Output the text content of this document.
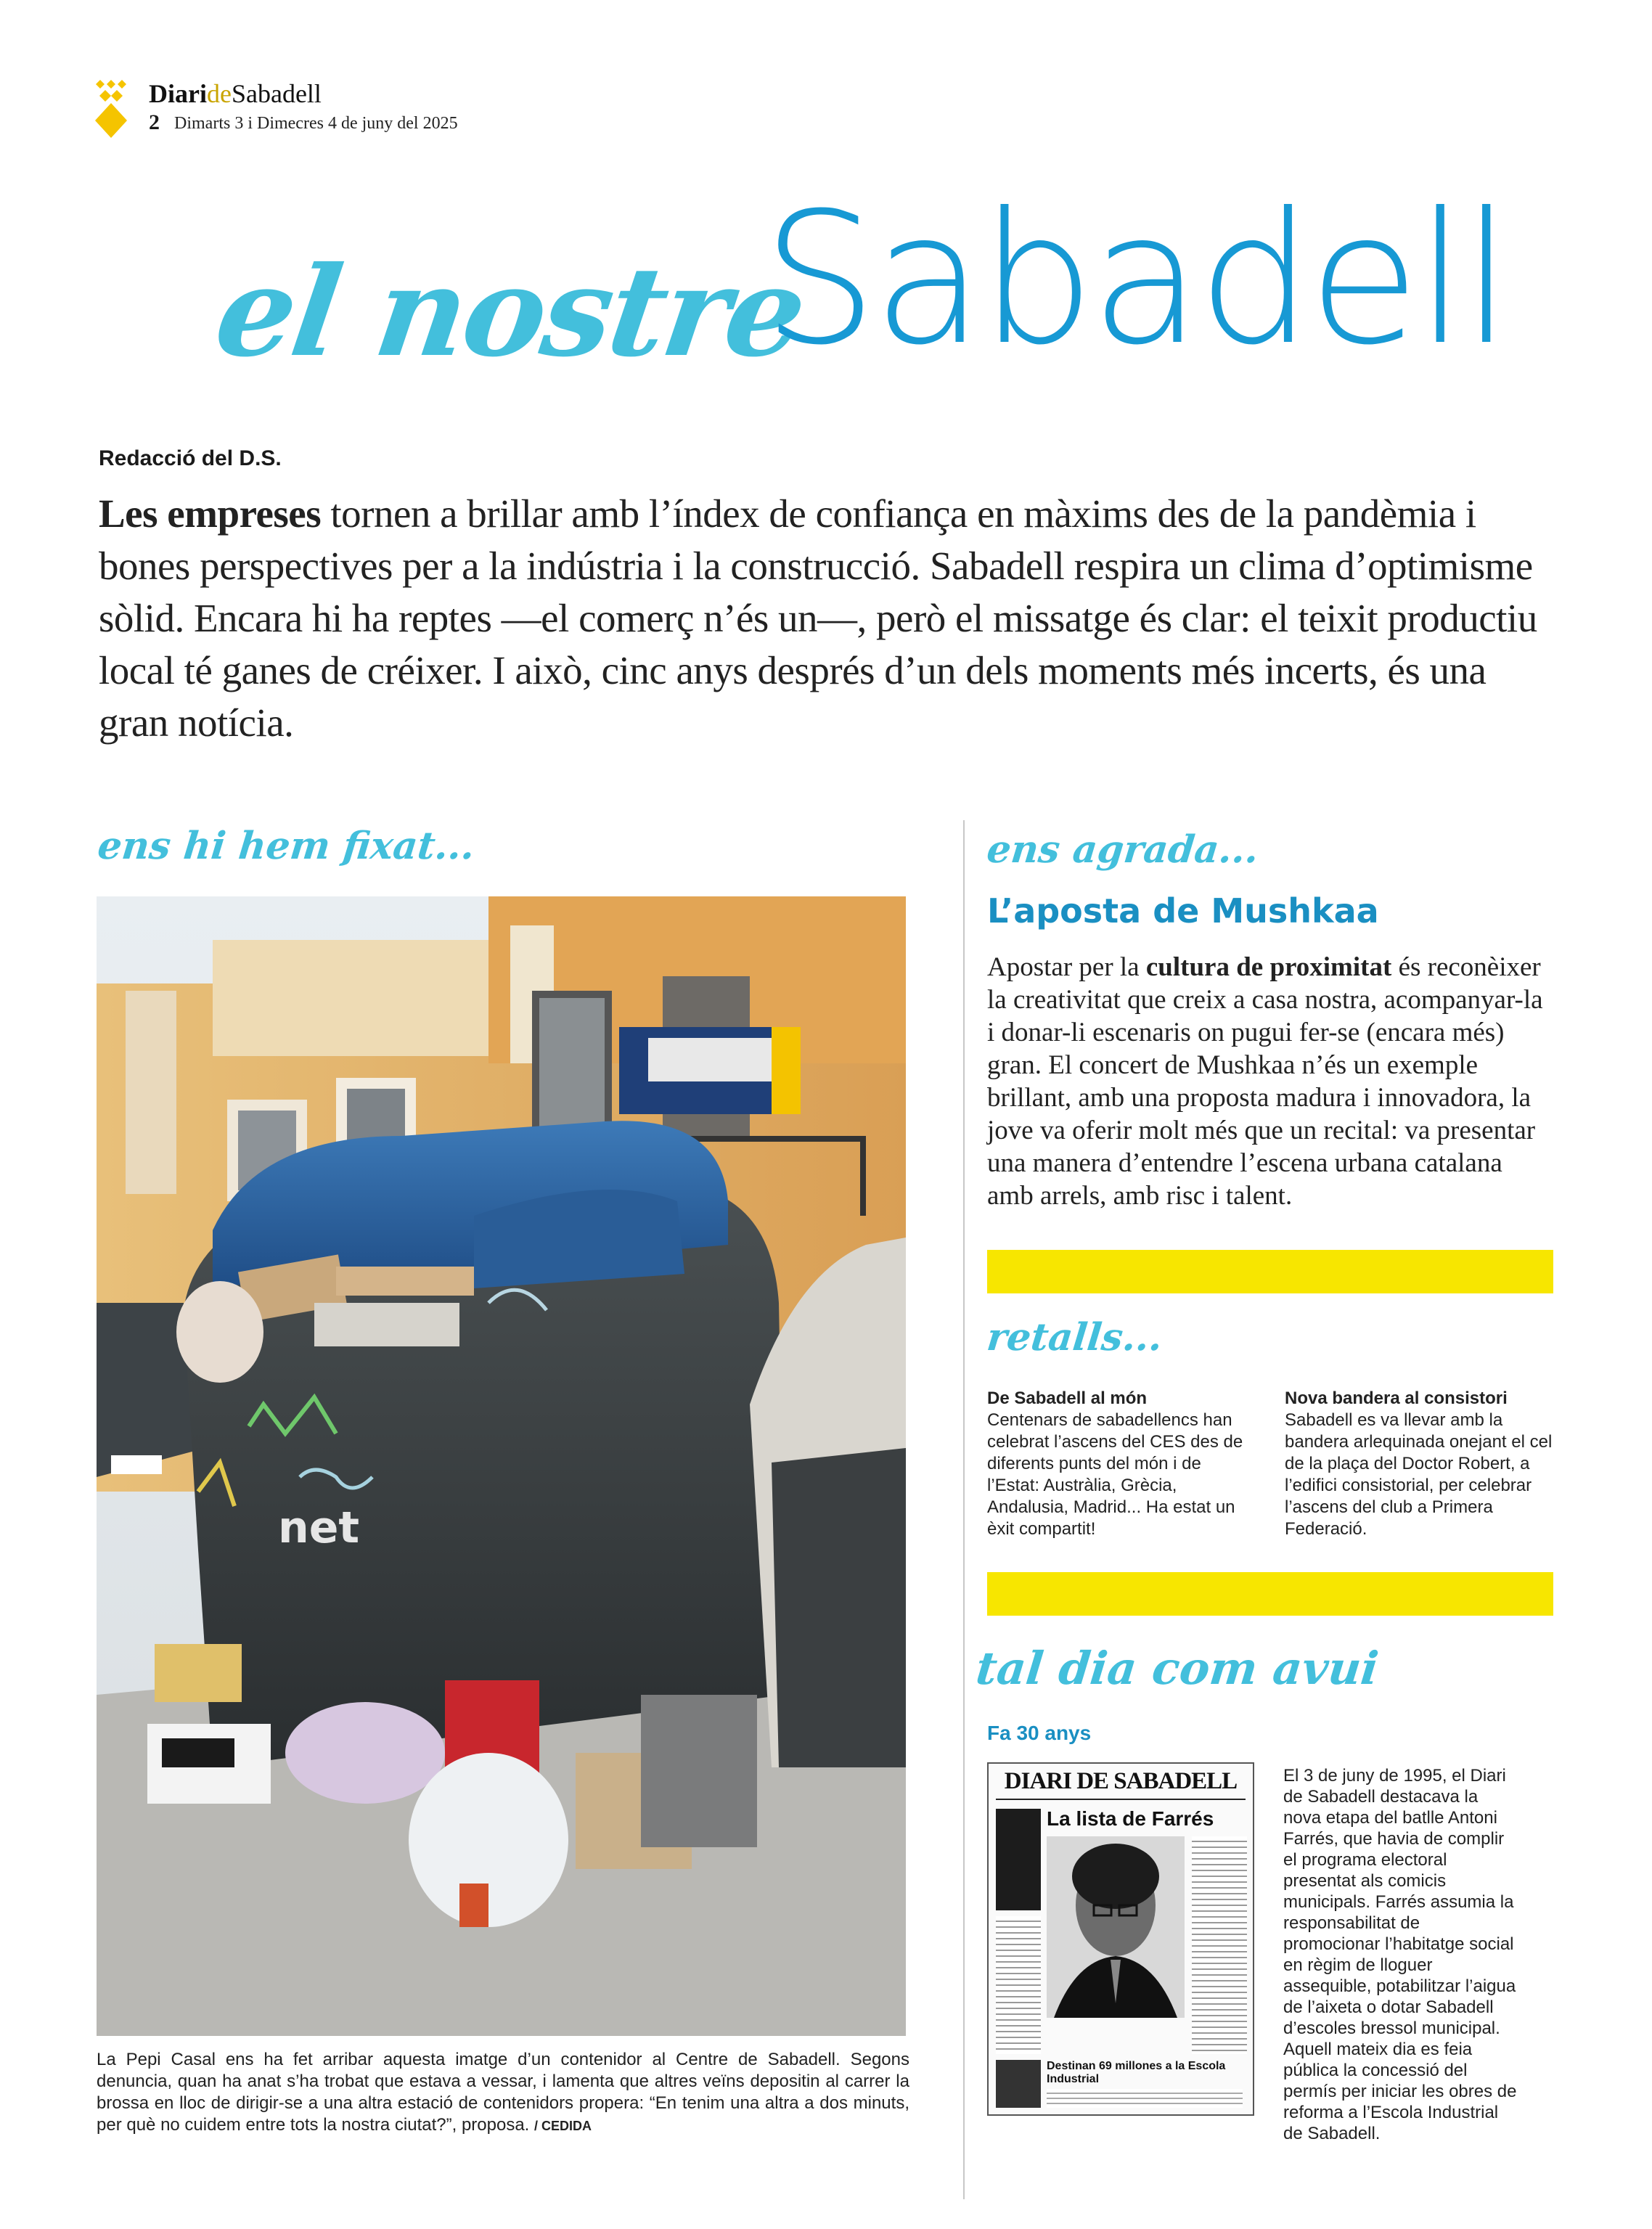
DiarideSabadell
2 Dimarts 3 i Dimecres 4 de juny del 2025
el nostre
Sabadell
Redacció del D.S.
Les empreses tornen a brillar amb l’índex de confiança en màxims des de la pandèmia i bones perspectives per a la indústria i la construcció. Sabadell respira un clima d’optimisme sòlid. Encara hi ha reptes —el comerç n’és un—, però el missatge és clar: el teixit productiu local té ganes de créixer. I això, cinc anys després d’un dels moments més incerts, és una gran notícia.
ens hi hem fixat...
net
La Pepi Casal ens ha fet arribar aquesta imatge d’un contenidor al Centre de Sabadell. Segons denuncia, quan ha anat s’ha trobat que estava a vessar, i lamenta que altres veïns depositin al carrer la brossa en lloc de dirigir-se a una altra estació de contenidors propera: “En tenim una altra a dos minuts, per què no cuidem entre tots la nostra ciutat?”, proposa. / CEDIDA
ens agrada...
L’aposta de Mushkaa
Apostar per la cultura de proximitat és reconèixer la creativitat que creix a casa nostra, acompanyar-la i donar-li escenaris on pugui fer-se (encara més) gran. El concert de Mushkaa n’és un exemple brillant, amb una proposta madura i innovadora, la jove va oferir molt més que un recital: va presentar una manera d’entendre l’escena urbana catalana amb arrels, amb risc i talent.
retalls...
De Sabadell al món
Centenars de sabadellencs han celebrat l’ascens del CES des de diferents punts del món i de l’Estat: Austràlia, Grècia, Andalusia, Madrid... Ha estat un èxit compartit!
Nova bandera al consistori
Sabadell es va llevar amb la bandera arlequinada onejant el cel de la plaça del Doctor Robert, a l’edifici consistorial, per celebrar l’ascens del club a Primera Federació.
tal dia com avui
Fa 30 anys
DIARI DE SABADELL
La lista de Farrés
Destinan 69 millones a la Escola Industrial
El 3 de juny de 1995, el Diari de Sabadell destacava la nova etapa del batlle Antoni Farrés, que havia de complir el programa electoral presentat als comicis municipals. Farrés assumia la responsabilitat de promocionar l’habitatge social en règim de lloguer assequible, potabilitzar l’aigua de l’aixeta o dotar Sabadell d’escoles bressol municipal. Aquell mateix dia es feia pública la concessió del permís per iniciar les obres de reforma a l’Escola Industrial de Sabadell.
